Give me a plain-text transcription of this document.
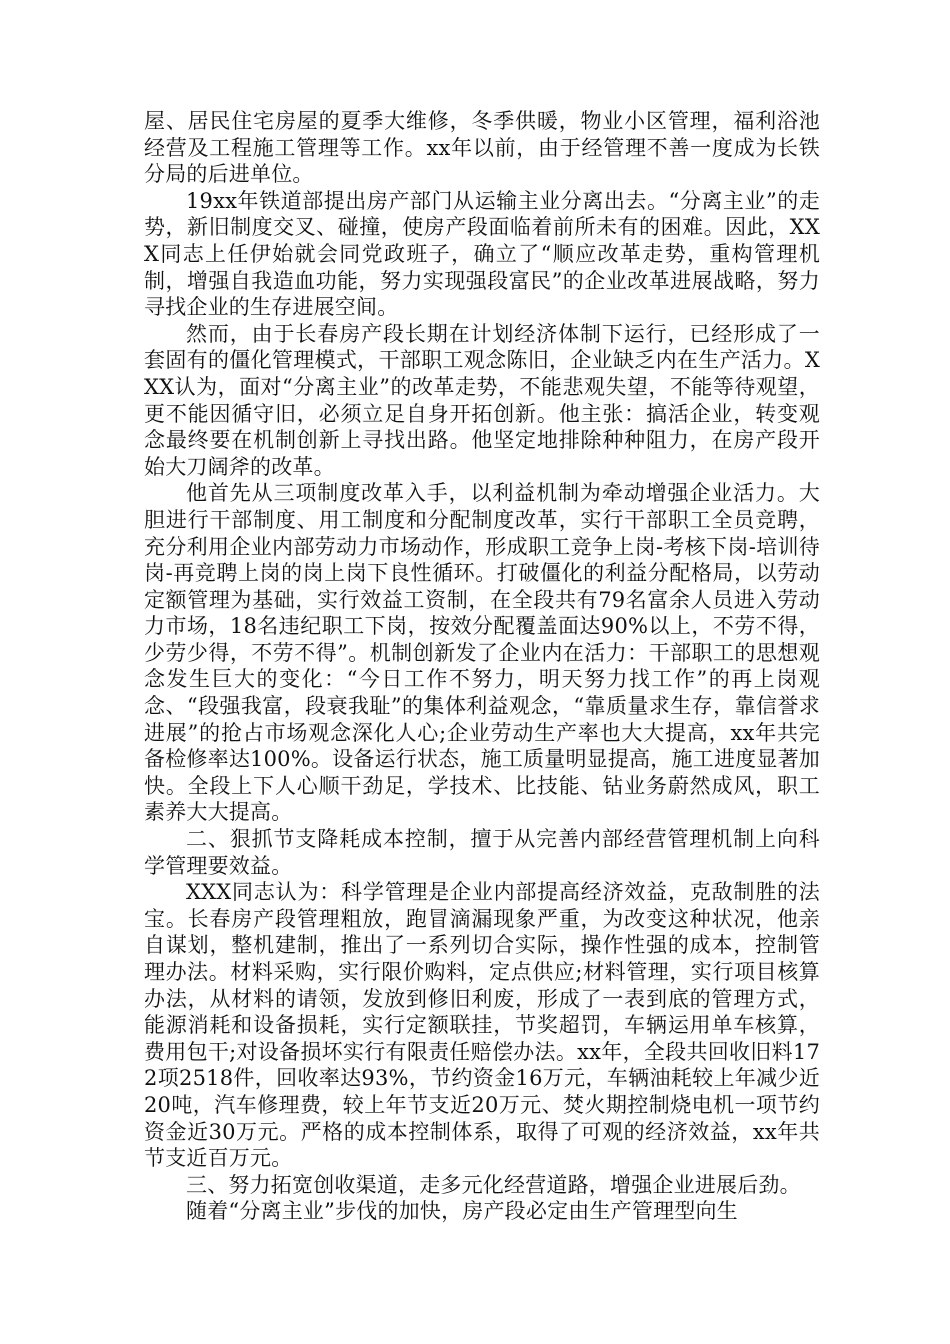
屋、居民住宅房屋的夏季大维修，冬季供暖，物业小区管理，福利浴池经营及工程施工管理等工作。xx年以前，由于经管理不善一度成为长铁分局的后进单位。

19xx年铁道部提出房产部门从运输主业分离出去。“分离主业”的走势，新旧制度交叉、碰撞，使房产段面临着前所未有的困难。因此，XXX同志上任伊始就会同党政班子，确立了“顺应改革走势，重构管理机制，增强自我造血功能，努力实现强段富民”的企业改革进展战略，努力寻找企业的生存进展空间。

然而，由于长春房产段长期在计划经济体制下运行，已经形成了一套固有的僵化管理模式，干部职工观念陈旧，企业缺乏内在生产活力。XXX认为，面对“分离主业”的改革走势，不能悲观失望，不能等待观望，更不能因循守旧，必须立足自身开拓创新。他主张：搞活企业，转变观念最终要在机制创新上寻找出路。他坚定地排除种种阻力，在房产段开始大刀阔斧的改革。

他首先从三项制度改革入手，以利益机制为牵动增强企业活力。大胆进行干部制度、用工制度和分配制度改革，实行干部职工全员竞聘，充分利用企业内部劳动力市场动作，形成职工竞争上岗-考核下岗-培训待岗-再竞聘上岗的岗上岗下良性循环。打破僵化的利益分配格局，以劳动定额管理为基础，实行效益工资制，在全段共有79名富余人员进入劳动力市场，18名违纪职工下岗，按效分配覆盖面达90%以上，不劳不得，少劳少得，不劳不得”。机制创新发了企业内在活力：干部职工的思想观念发生巨大的变化：“今日工作不努力，明天努力找工作”的再上岗观念、“段强我富，段衰我耻”的集体利益观念，“靠质量求生存，靠信誉求进展”的抢占市场观念深化人心;企业劳动生产率也大大提高，xx年共完备检修率达100%。设备运行状态，施工质量明显提高，施工进度显著加快。全段上下人心顺干劲足，学技术、比技能、钻业务蔚然成风，职工素养大大提高。

二、狠抓节支降耗成本控制，擅于从完善内部经营管理机制上向科学管理要效益。

XXX同志认为：科学管理是企业内部提高经济效益，克敌制胜的法宝。长春房产段管理粗放，跑冒滴漏现象严重，为改变这种状况，他亲自谋划，整机建制，推出了一系列切合实际，操作性强的成本，控制管理办法。材料采购，实行限价购料，定点供应;材料管理，实行项目核算办法，从材料的请领，发放到修旧利废，形成了一表到底的管理方式，能源消耗和设备损耗，实行定额联挂，节奖超罚，车辆运用单车核算，费用包干;对设备损坏实行有限责任赔偿办法。xx年，全段共回收旧料172项2518件，回收率达93%，节约资金16万元，车辆油耗较上年减少近20吨，汽车修理费，较上年节支近20万元、焚火期控制烧电机一项节约资金近30万元。严格的成本控制体系，取得了可观的经济效益，xx年共节支近百万元。

三、努力拓宽创收渠道，走多元化经营道路，增强企业进展后劲。

随着“分离主业”步伐的加快，房产段必定由生产管理型向生
